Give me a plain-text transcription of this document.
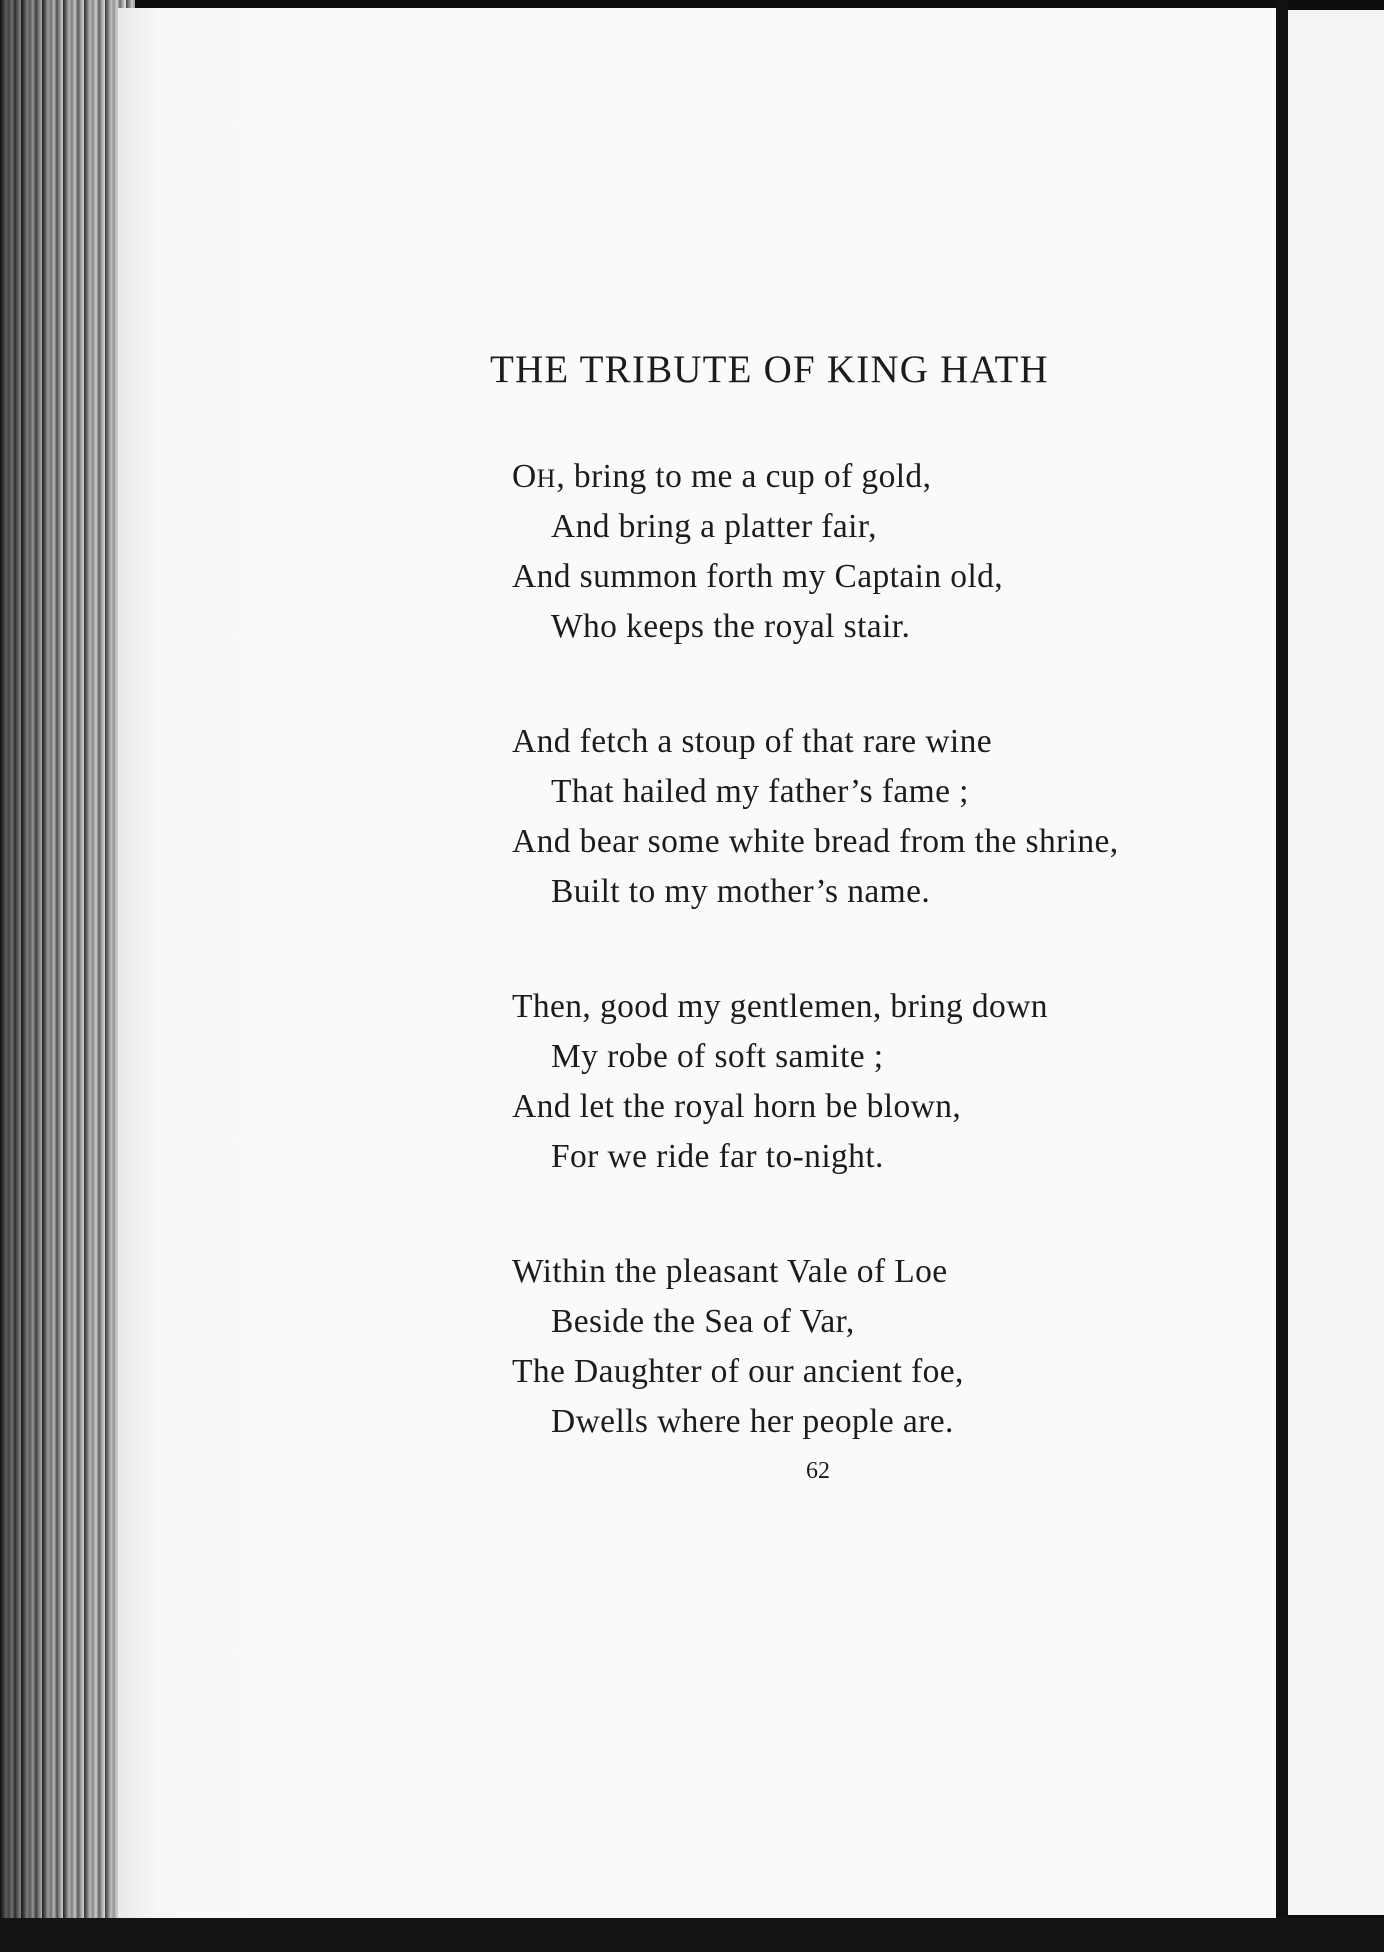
THE TRIBUTE OF KING HATH
OH, bring to me a cup of gold,
And bring a platter fair,
And summon forth my Captain old,
Who keeps the royal stair.
And fetch a stoup of that rare wine
That hailed my father’s fame ;
And bear some white bread from the shrine,
Built to my mother’s name.
Then, good my gentlemen, bring down
My robe of soft samite ;
And let the royal horn be blown,
For we ride far to-night.
Within the pleasant Vale of Loe
Beside the Sea of Var,
The Daughter of our ancient foe,
Dwells where her people are.
62
